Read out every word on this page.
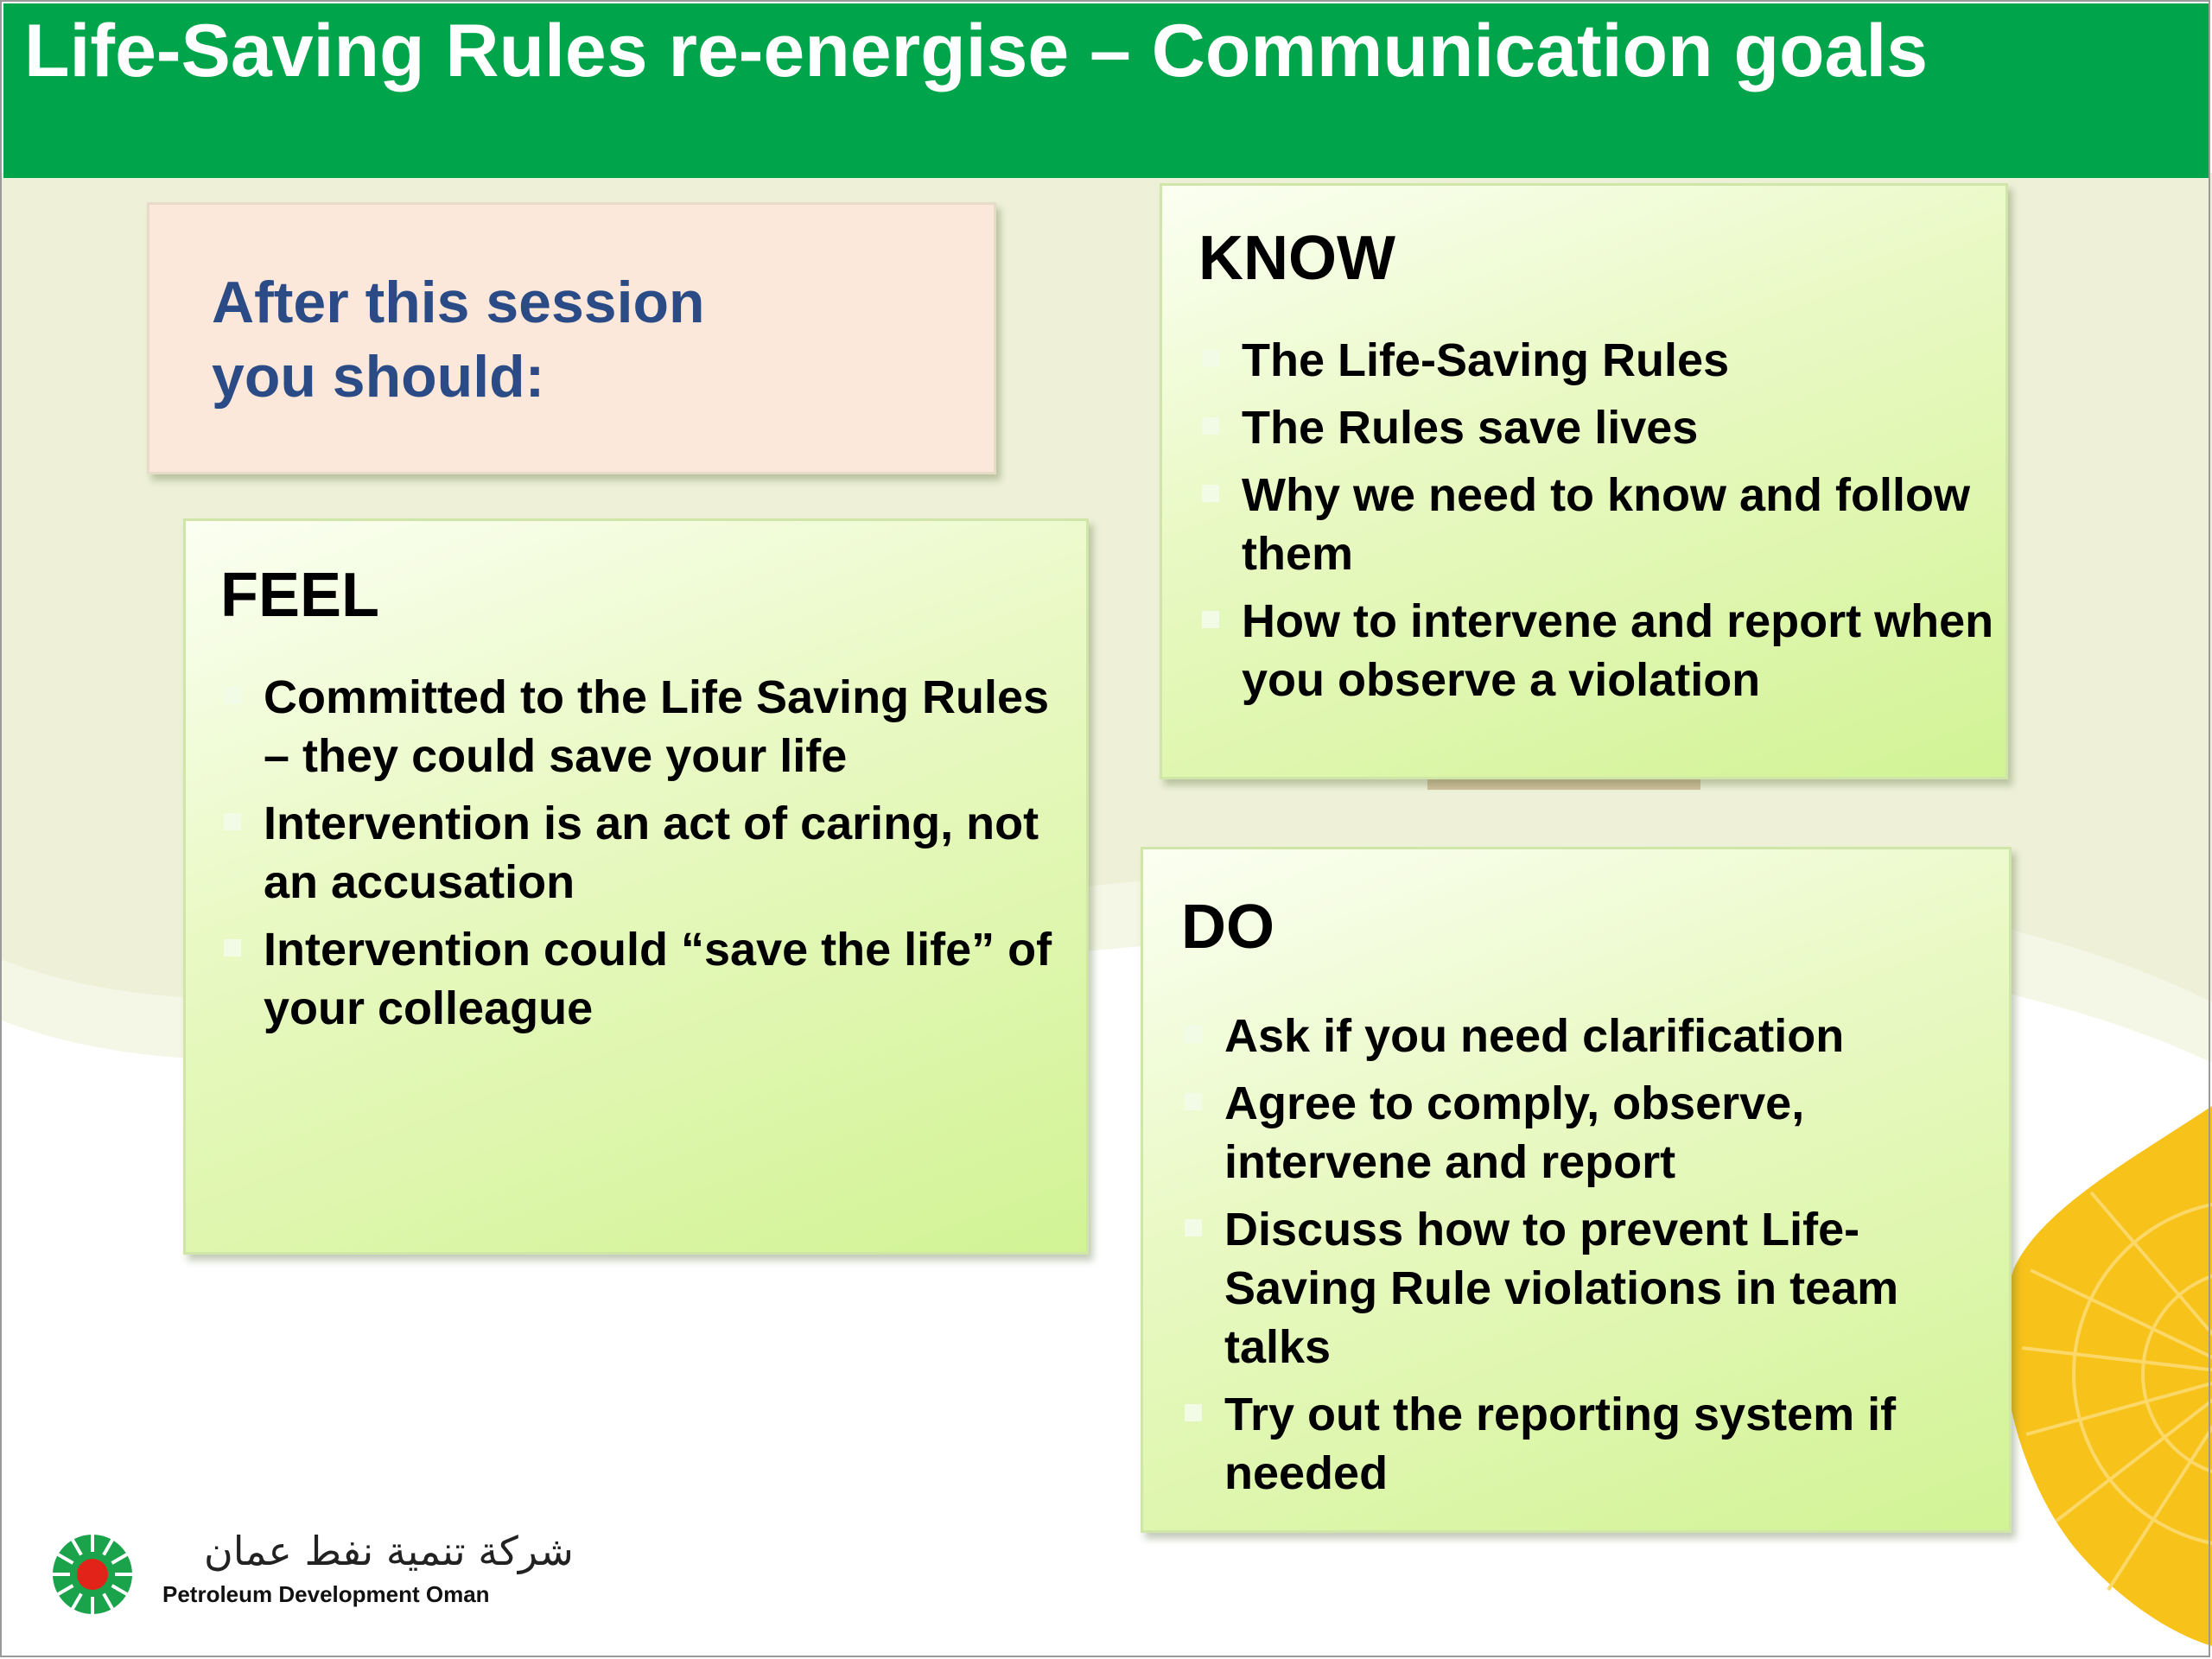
Life-Saving Rules re-energise – Communication goals

After this session
you should:

KNOW
The Life-Saving Rules
The Rules save lives
Why we need to know and follow them
How to intervene and report when you observe a violation
FEEL
Committed to the Life Saving Rules – they could save your life
Intervention is an act of caring, not an accusation
Intervention could “save the life” of your colleague
DO
Ask if you need clarification
Agree to comply, observe, intervene and report
Discuss how to prevent Life-Saving Rule violations in team talks
Try out the reporting system if needed
شركة تنمية نفط عمان
Petroleum Development Oman
